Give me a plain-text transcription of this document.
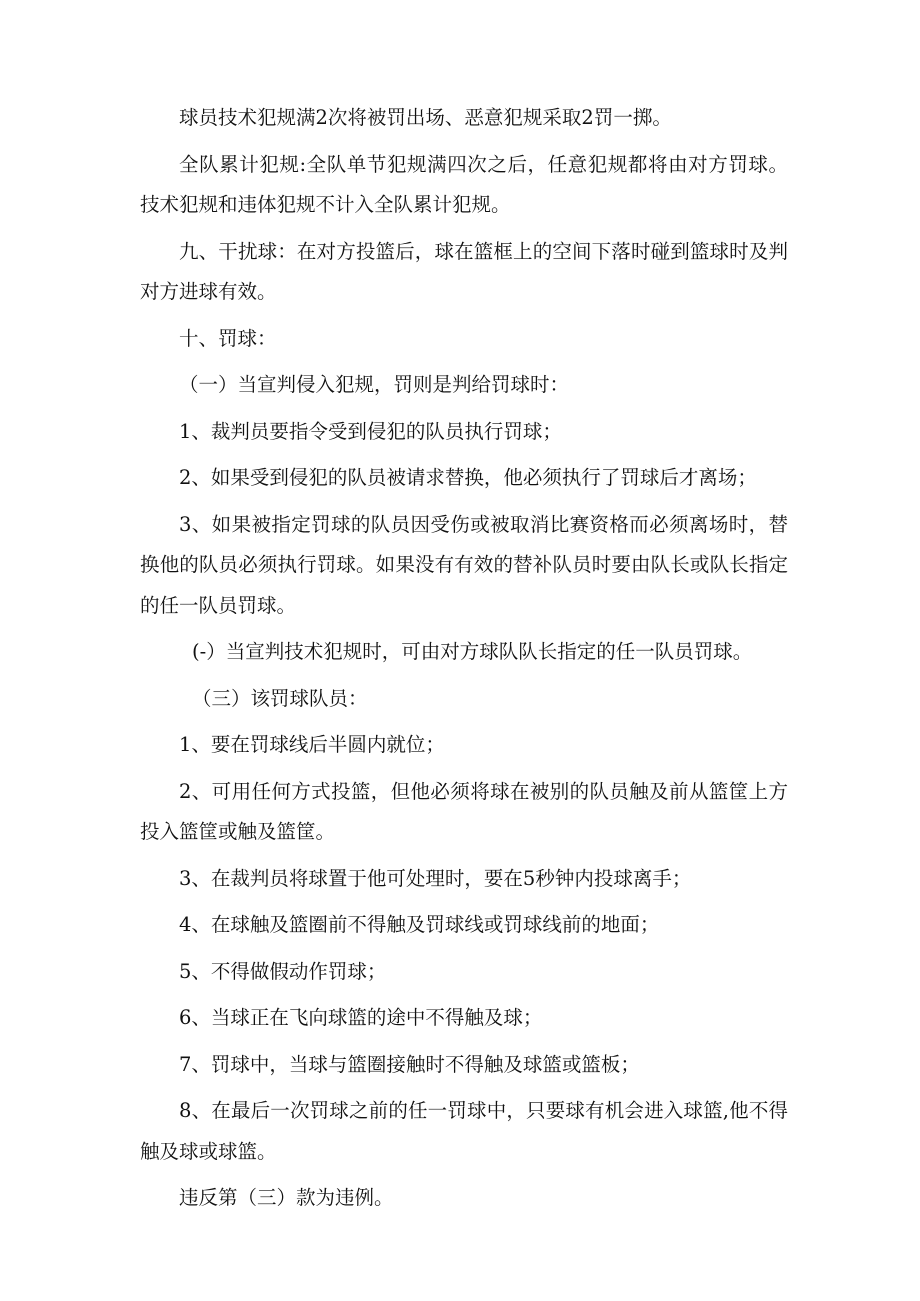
球员技术犯规满2次将被罚出场、恶意犯规采取2罚一掷。

全队累计犯规:全队单节犯规满四次之后，任意犯规都将由对方罚球。技术犯规和违体犯规不计入全队累计犯规。

九、干扰球：在对方投篮后，球在篮框上的空间下落时碰到篮球时及判对方进球有效。

十、罚球：

（一）当宣判侵入犯规，罚则是判给罚球时：

1、裁判员要指令受到侵犯的队员执行罚球；

2、如果受到侵犯的队员被请求替换，他必须执行了罚球后才离场；

3、如果被指定罚球的队员因受伤或被取消比赛资格而必须离场时，替换他的队员必须执行罚球。如果没有有效的替补队员时要由队长或队长指定的任一队员罚球。

(-）当宣判技术犯规时，可由对方球队队长指定的任一队员罚球。

（三）该罚球队员：

1、要在罚球线后半圆内就位；

2、可用任何方式投篮，但他必须将球在被别的队员触及前从篮筐上方投入篮筐或触及篮筐。

3、在裁判员将球置于他可处理时，要在5秒钟内投球离手；

4、在球触及篮圈前不得触及罚球线或罚球线前的地面；

5、不得做假动作罚球；

6、当球正在飞向球篮的途中不得触及球；

7、罚球中，当球与篮圈接触时不得触及球篮或篮板；

8、在最后一次罚球之前的任一罚球中，只要球有机会进入球篮,他不得触及球或球篮。

违反第（三）款为违例。
